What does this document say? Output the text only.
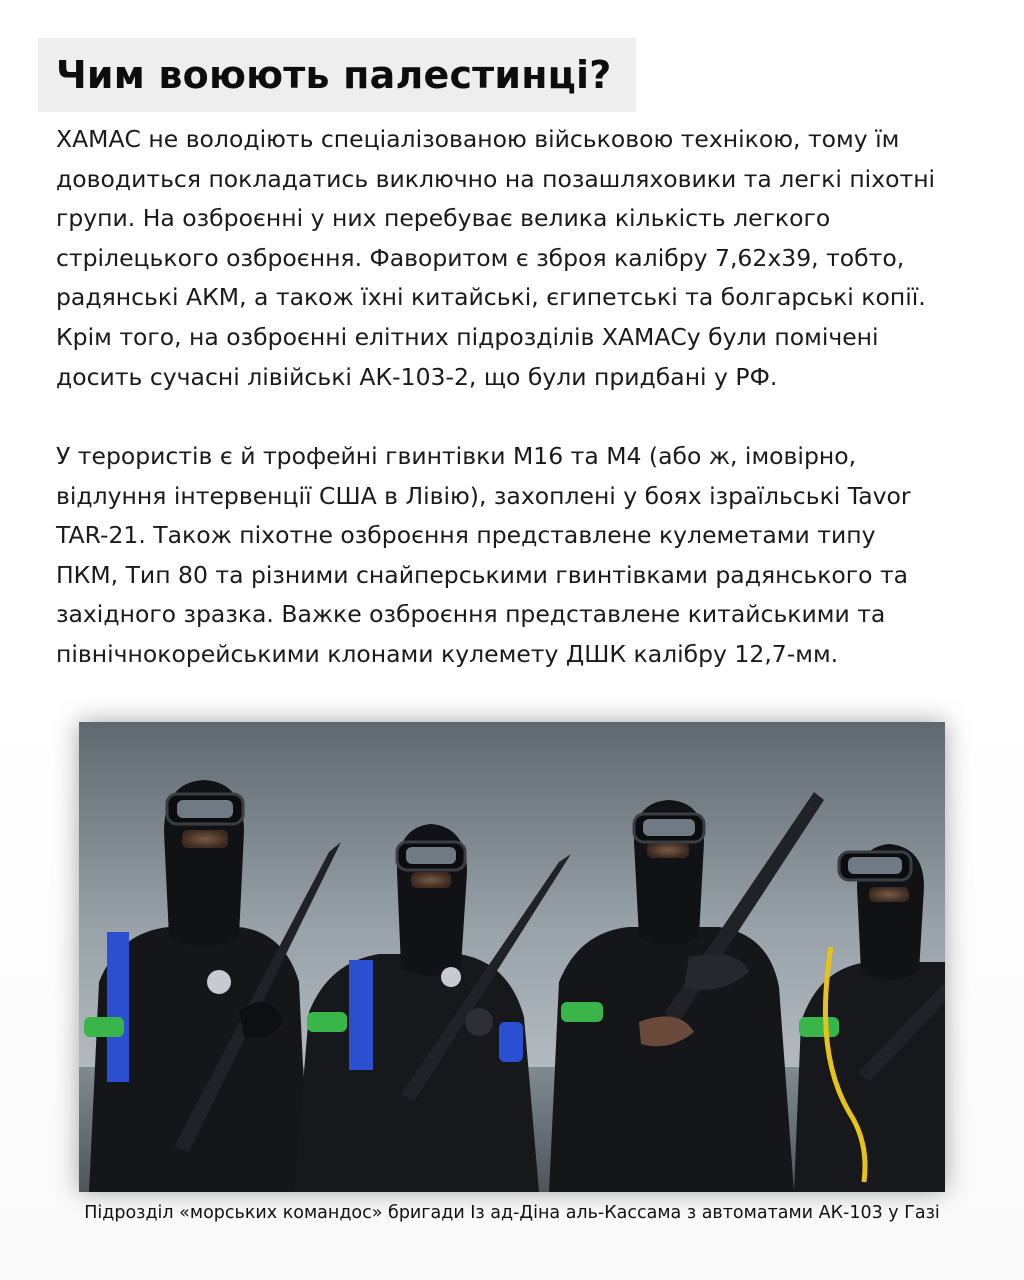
Чим воюють палестинці?

ХАМАС не володіють спеціалізованою військовою технікою, тому їм
доводиться покладатись виключно на позашляховики та легкі піхотні
групи. На озброєнні у них перебуває велика кількість легкого
стрілецького озброєння. Фаворитом є зброя калібру 7,62х39, тобто,
радянські АКМ, а також їхні китайські, єгипетські та болгарські копії.
Крім того, на озброєнні елітних підрозділів ХАМАСу були помічені
досить сучасні лівійські АК-103-2, що були придбані у РФ.

У терористів є й трофейні гвинтівки М16 та М4 (або ж, імовірно,
відлуння інтервенції США в Лівію), захоплені у боях ізраїльські Tavor
TAR-21. Також піхотне озброєння представлене кулеметами типу
ПКМ, Тип 80 та різними снайперськими гвинтівками радянського та
західного зразка. Важке озброєння представлене китайськими та
північнокорейськими клонами кулемету ДШК калібру 12,7-мм.

Підрозділ «морських командос» бригади Із ад-Діна аль-Кассама з автоматами АК-103 у Газі
